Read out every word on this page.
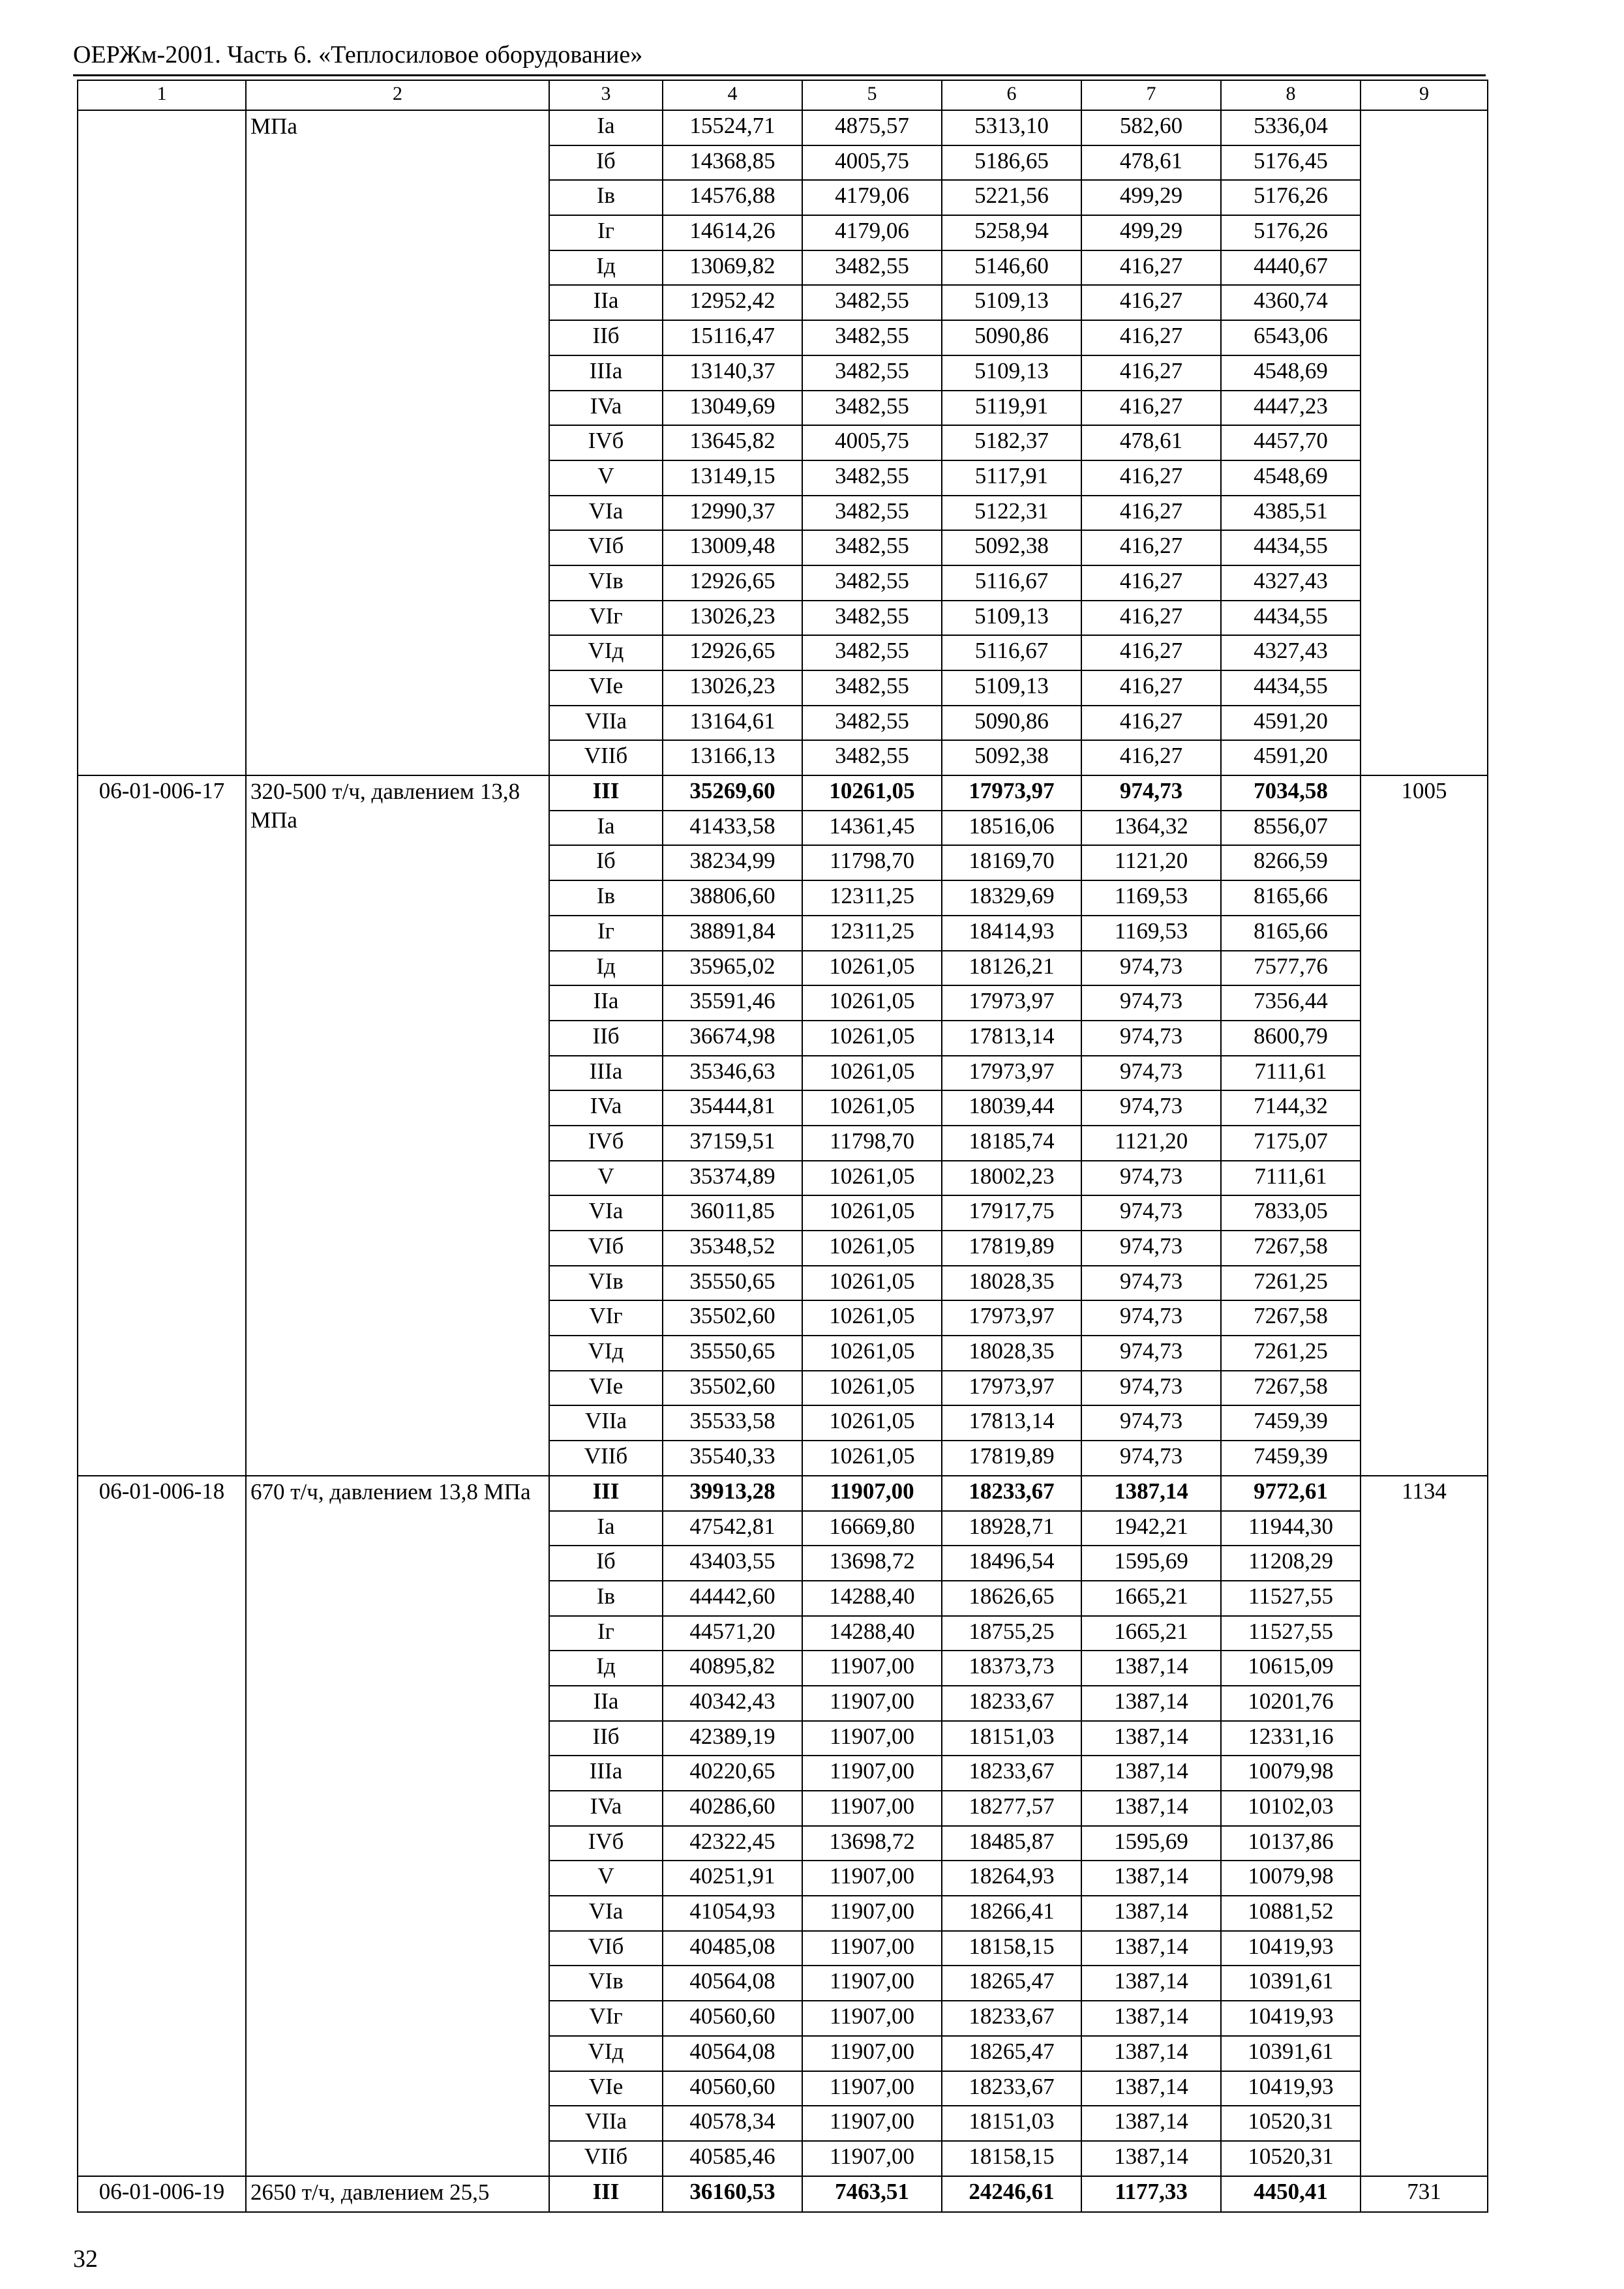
ОЕРЖм-2001. Часть 6. «Теплосиловое оборудование»
1	2	3	4	5	6	7	8	9
	МПа	Ia	15524,71	4875,57	5313,10	582,60	5336,04	
		Iб	14368,85	4005,75	5186,65	478,61	5176,45	
		Iв	14576,88	4179,06	5221,56	499,29	5176,26	
		Iг	14614,26	4179,06	5258,94	499,29	5176,26	
		Iд	13069,82	3482,55	5146,60	416,27	4440,67	
		IIa	12952,42	3482,55	5109,13	416,27	4360,74	
		IIб	15116,47	3482,55	5090,86	416,27	6543,06	
		IIIa	13140,37	3482,55	5109,13	416,27	4548,69	
		IVa	13049,69	3482,55	5119,91	416,27	4447,23	
		IVб	13645,82	4005,75	5182,37	478,61	4457,70	
		V	13149,15	3482,55	5117,91	416,27	4548,69	
		VIa	12990,37	3482,55	5122,31	416,27	4385,51	
		VIб	13009,48	3482,55	5092,38	416,27	4434,55	
		VIв	12926,65	3482,55	5116,67	416,27	4327,43	
		VIг	13026,23	3482,55	5109,13	416,27	4434,55	
		VIд	12926,65	3482,55	5116,67	416,27	4327,43	
		VIe	13026,23	3482,55	5109,13	416,27	4434,55	
		VIIa	13164,61	3482,55	5090,86	416,27	4591,20	
		VIIб	13166,13	3482,55	5092,38	416,27	4591,20	
06-01-006-17	320-500 т/ч, давлением 13,8 МПа	III	35269,60	10261,05	17973,97	974,73	7034,58	1005
		Ia	41433,58	14361,45	18516,06	1364,32	8556,07	
		Iб	38234,99	11798,70	18169,70	1121,20	8266,59	
		Iв	38806,60	12311,25	18329,69	1169,53	8165,66	
		Iг	38891,84	12311,25	18414,93	1169,53	8165,66	
		Iд	35965,02	10261,05	18126,21	974,73	7577,76	
		IIa	35591,46	10261,05	17973,97	974,73	7356,44	
		IIб	36674,98	10261,05	17813,14	974,73	8600,79	
		IIIa	35346,63	10261,05	17973,97	974,73	7111,61	
		IVa	35444,81	10261,05	18039,44	974,73	7144,32	
		IVб	37159,51	11798,70	18185,74	1121,20	7175,07	
		V	35374,89	10261,05	18002,23	974,73	7111,61	
		VIa	36011,85	10261,05	17917,75	974,73	7833,05	
		VIб	35348,52	10261,05	17819,89	974,73	7267,58	
		VIв	35550,65	10261,05	18028,35	974,73	7261,25	
		VIг	35502,60	10261,05	17973,97	974,73	7267,58	
		VIд	35550,65	10261,05	18028,35	974,73	7261,25	
		VIe	35502,60	10261,05	17973,97	974,73	7267,58	
		VIIa	35533,58	10261,05	17813,14	974,73	7459,39	
		VIIб	35540,33	10261,05	17819,89	974,73	7459,39	
06-01-006-18	670 т/ч, давлением 13,8 МПа	III	39913,28	11907,00	18233,67	1387,14	9772,61	1134
		Ia	47542,81	16669,80	18928,71	1942,21	11944,30	
		Iб	43403,55	13698,72	18496,54	1595,69	11208,29	
		Iв	44442,60	14288,40	18626,65	1665,21	11527,55	
		Iг	44571,20	14288,40	18755,25	1665,21	11527,55	
		Iд	40895,82	11907,00	18373,73	1387,14	10615,09	
		IIa	40342,43	11907,00	18233,67	1387,14	10201,76	
		IIб	42389,19	11907,00	18151,03	1387,14	12331,16	
		IIIa	40220,65	11907,00	18233,67	1387,14	10079,98	
		IVa	40286,60	11907,00	18277,57	1387,14	10102,03	
		IVб	42322,45	13698,72	18485,87	1595,69	10137,86	
		V	40251,91	11907,00	18264,93	1387,14	10079,98	
		VIa	41054,93	11907,00	18266,41	1387,14	10881,52	
		VIб	40485,08	11907,00	18158,15	1387,14	10419,93	
		VIв	40564,08	11907,00	18265,47	1387,14	10391,61	
		VIг	40560,60	11907,00	18233,67	1387,14	10419,93	
		VIд	40564,08	11907,00	18265,47	1387,14	10391,61	
		VIe	40560,60	11907,00	18233,67	1387,14	10419,93	
		VIIa	40578,34	11907,00	18151,03	1387,14	10520,31	
		VIIб	40585,46	11907,00	18158,15	1387,14	10520,31	
06-01-006-19	2650 т/ч, давлением 25,5	III	36160,53	7463,51	24246,61	1177,33	4450,41	731
32
